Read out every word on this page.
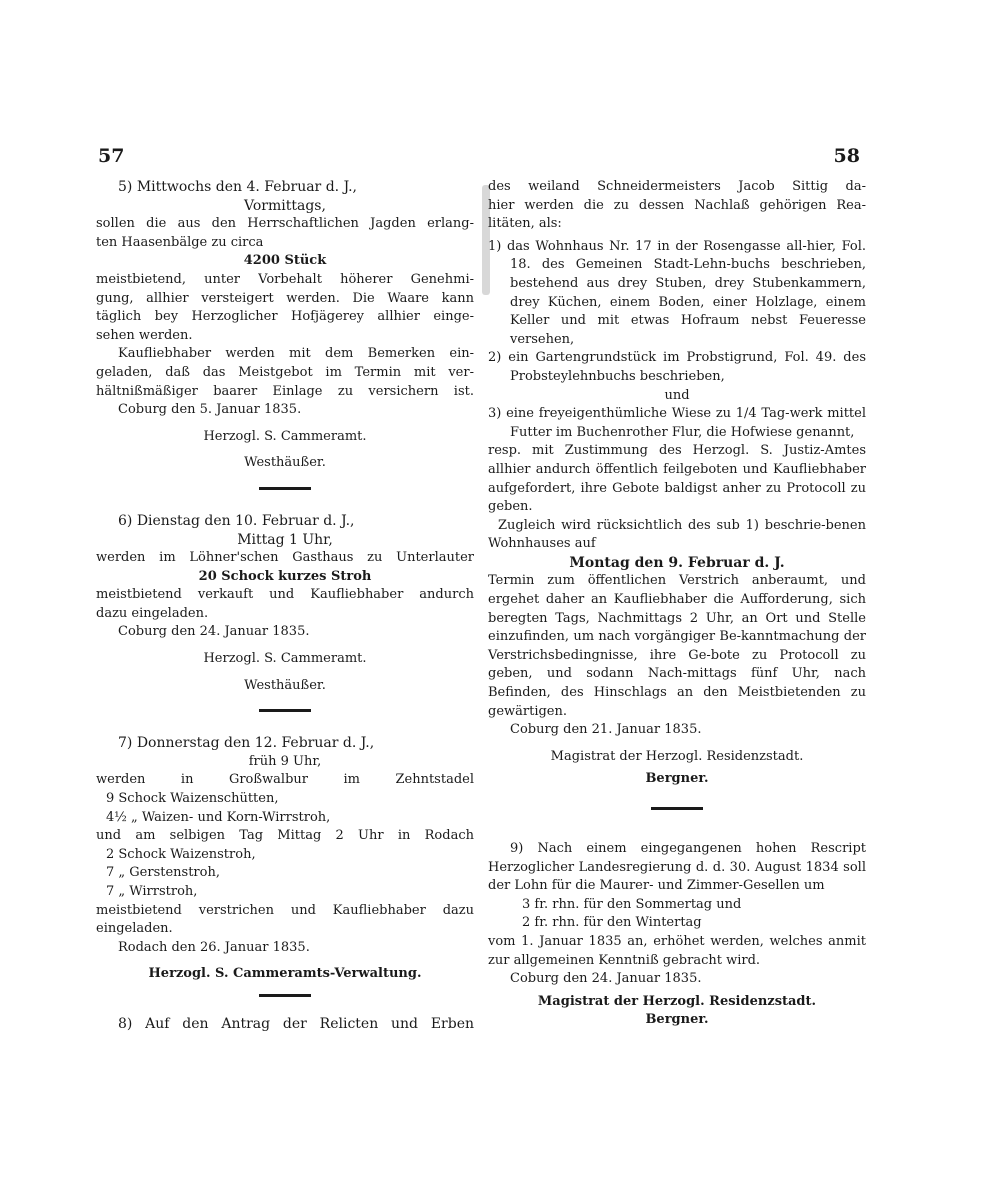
57	58

5) Mittwochs den 4. Februar d. J.,

Vormittags,

sollen die aus den Herrschaftlichen Jagden erlang-

ten Haasenbälge zu circa

4200 Stück

meistbietend, unter Vorbehalt höherer Genehmi-

gung, allhier versteigert werden. Die Waare kann

täglich bey Herzoglicher Hofjägerey allhier einge-

sehen werden.

Kaufliebhaber werden mit dem Bemerken ein-

geladen, daß das Meistgebot im Termin mit ver-

hältnißmäßiger baarer Einlage zu versichern ist.

Coburg den 5. Januar 1835.

Herzogl. S. Cammeramt.

Westhäußer.

6) Dienstag den 10. Februar d. J.,

Mittag 1 Uhr,

werden im Löhner'schen Gasthaus zu Unterlauter

20 Schock kurzes Stroh

meistbietend verkauft und Kaufliebhaber andurch

dazu eingeladen.

Coburg den 24. Januar 1835.

Herzogl. S. Cammeramt.

Westhäußer.

7) Donnerstag den 12. Februar d. J.,

früh 9 Uhr,

werden in Großwalbur im Zehntstadel

9 Schock Waizenschütten,

4½ „ Waizen- und Korn-Wirrstroh,

und am selbigen Tag Mittag 2 Uhr in Rodach

2 Schock Waizenstroh,

7 „ Gerstenstroh,

7 „ Wirrstroh,

meistbietend verstrichen und Kaufliebhaber dazu

eingeladen.

Rodach den 26. Januar 1835.

Herzogl. S. Cammeramts-Verwaltung.

8) Auf den Antrag der Relicten und Erben

des weiland Schneidermeisters Jacob Sittig da-

hier werden die zu dessen Nachlaß gehörigen Rea-

litäten, als:

1) das Wohnhaus Nr. 17 in der Rosengasse all-hier, Fol. 18. des Gemeinen Stadt-Lehn-buchs beschrieben, bestehend aus drey Stuben, drey Stubenkammern, drey Küchen, einem Boden, einer Holzlage, einem Keller und mit etwas Hofraum nebst Feueresse versehen,

2) ein Gartengrundstück im Probstigrund, Fol. 49. des Probsteylehnbuchs beschrieben,

und

3) eine freyeigenthümliche Wiese zu 1/4 Tag-werk mittel Futter im Buchenrother Flur, die Hofwiese genannt,

resp. mit Zustimmung des Herzogl. S. Justiz-Amtes allhier andurch öffentlich feilgeboten und Kaufliebhaber aufgefordert, ihre Gebote baldigst anher zu Protocoll zu geben.

Zugleich wird rücksichtlich des sub 1) beschrie-benen Wohnhauses auf

Montag den 9. Februar d. J.

Termin zum öffentlichen Verstrich anberaumt, und ergehet daher an Kaufliebhaber die Aufforderung, sich beregten Tags, Nachmittags 2 Uhr, an Ort und Stelle einzufinden, um nach vorgängiger Be-kanntmachung der Verstrichsbedingnisse, ihre Ge-bote zu Protocoll zu geben, und sodann Nach-mittags fünf Uhr, nach Befinden, des Hinschlags an den Meistbietenden zu gewärtigen.

Coburg den 21. Januar 1835.

Magistrat der Herzogl. Residenzstadt.

Bergner.

9) Nach einem eingegangenen hohen Rescript Herzoglicher Landesregierung d. d. 30. August 1834 soll der Lohn für die Maurer- und Zimmer-Gesellen um

3 fr. rhn. für den Sommertag und

2 fr. rhn. für den Wintertag

vom 1. Januar 1835 an, erhöhet werden, welches anmit zur allgemeinen Kenntniß gebracht wird.

Coburg den 24. Januar 1835.

Magistrat der Herzogl. Residenzstadt.

Bergner.
